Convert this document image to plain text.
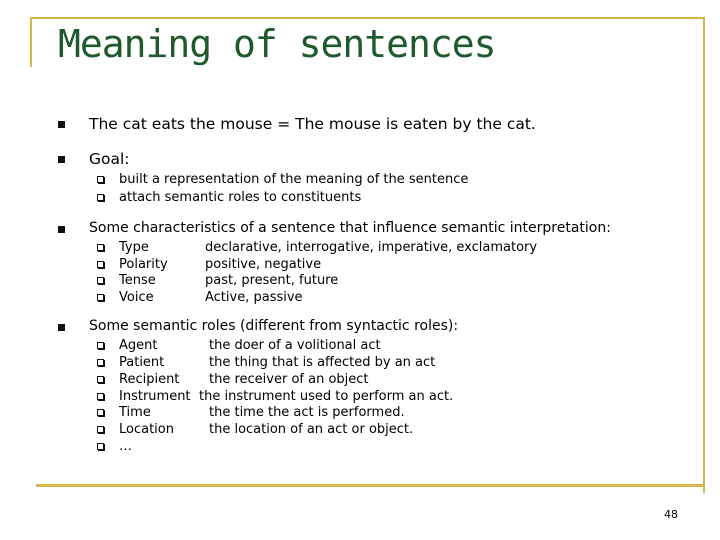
Meaning of sentences
The cat eats the mouse = The mouse is eaten by the cat.
Goal:
built a representation of the meaning of the sentence
attach semantic roles to constituents
Some characteristics of a sentence that influence semantic interpretation:
Type	declarative, interrogative, imperative, exclamatory
Polarity	positive, negative
Tense	past, present, future
Voice	Active, passive
Some semantic roles (different from syntactic roles):
Agent	the doer of a volitional act
Patient	the thing that is affected by an act
Recipient the receiver of an object
Instrument the instrument used to perform an act.
Time	the time the act is performed.
Location	the location of an act or object.
…
48
